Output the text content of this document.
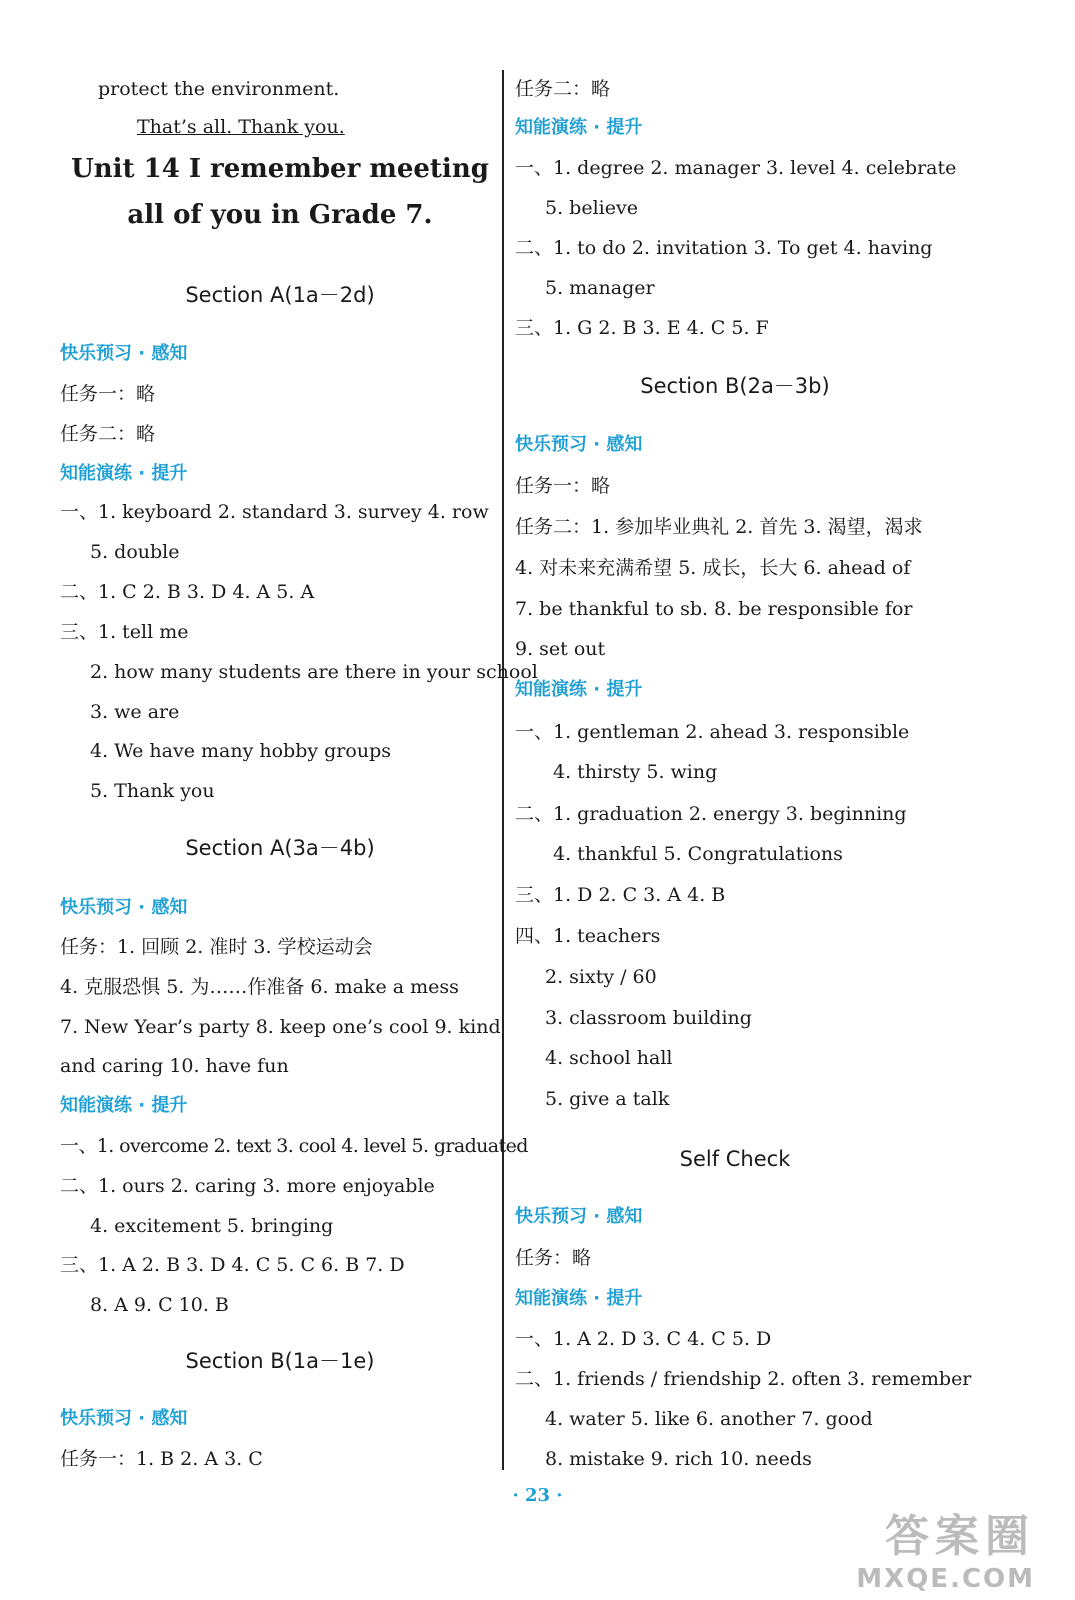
protect the environment.
That’s all. Thank you.
Unit 14 I remember meeting
all of you in Grade 7.
Section A(1a－2d)
快乐预习 · 感知
任务一：略
任务二：略
知能演练 · 提升
一、1. keyboard 2. standard 3. survey 4. row
5. double
二、1. C 2. B 3. D 4. A 5. A
三、1. tell me
2. how many students are there in your school
3. we are
4. We have many hobby groups
5. Thank you
Section A(3a－4b)
快乐预习 · 感知
任务：1. 回顾 2. 准时 3. 学校运动会
4. 克服恐惧 5. 为……作准备 6. make a mess
7. New Year’s party 8. keep one’s cool 9. kind
and caring 10. have fun
知能演练 · 提升
一、1. overcome 2. text 3. cool 4. level 5. graduated
二、1. ours 2. caring 3. more enjoyable
4. excitement 5. bringing
三、1. A 2. B 3. D 4. C 5. C 6. B 7. D
8. A 9. C 10. B
Section B(1a－1e)
快乐预习 · 感知
任务一：1. B 2. A 3. C
任务二：略
知能演练 · 提升
一、1. degree 2. manager 3. level 4. celebrate
5. believe
二、1. to do 2. invitation 3. To get 4. having
5. manager
三、1. G 2. B 3. E 4. C 5. F
Section B(2a－3b)
快乐预习 · 感知
任务一：略
任务二：1. 参加毕业典礼 2. 首先 3. 渴望，渴求
4. 对未来充满希望 5. 成长，长大 6. ahead of
7. be thankful to sb. 8. be responsible for
9. set out
知能演练 · 提升
一、1. gentleman 2. ahead 3. responsible
4. thirsty 5. wing
二、1. graduation 2. energy 3. beginning
4. thankful 5. Congratulations
三、1. D 2. C 3. A 4. B
四、1. teachers
2. sixty / 60
3. classroom building
4. school hall
5. give a talk
Self Check
快乐预习 · 感知
任务：略
知能演练 · 提升
一、1. A 2. D 3. C 4. C 5. D
二、1. friends / friendship 2. often 3. remember
4. water 5. like 6. another 7. good
8. mistake 9. rich 10. needs
· 23 ·
答案圈
MXQE.COM
